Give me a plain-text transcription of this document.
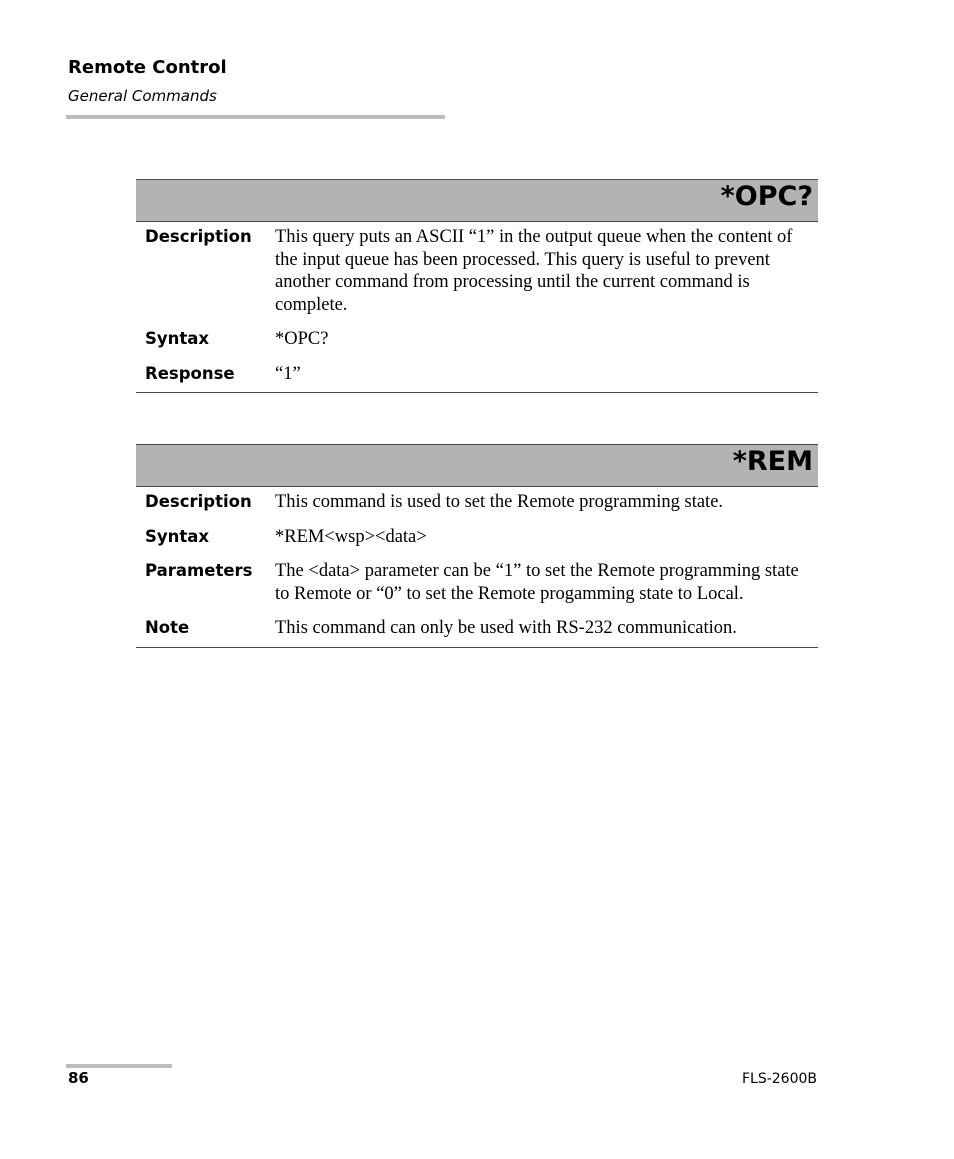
Remote Control
General Commands
*OPC?
Description	This query puts an ASCII “1” in the output queue when the content of the input queue has been processed. This query is useful to prevent another command from processing until the current command is complete.
Syntax	*OPC?
Response	“1”
*REM
Description	This command is used to set the Remote programming state.
Syntax	*REM<wsp><data>
Parameters	The <data> parameter can be “1” to set the Remote programming state to Remote or “0” to set the Remote progamming state to Local.
Note	This command can only be used with RS-232 communication.
86	FLS-2600B
